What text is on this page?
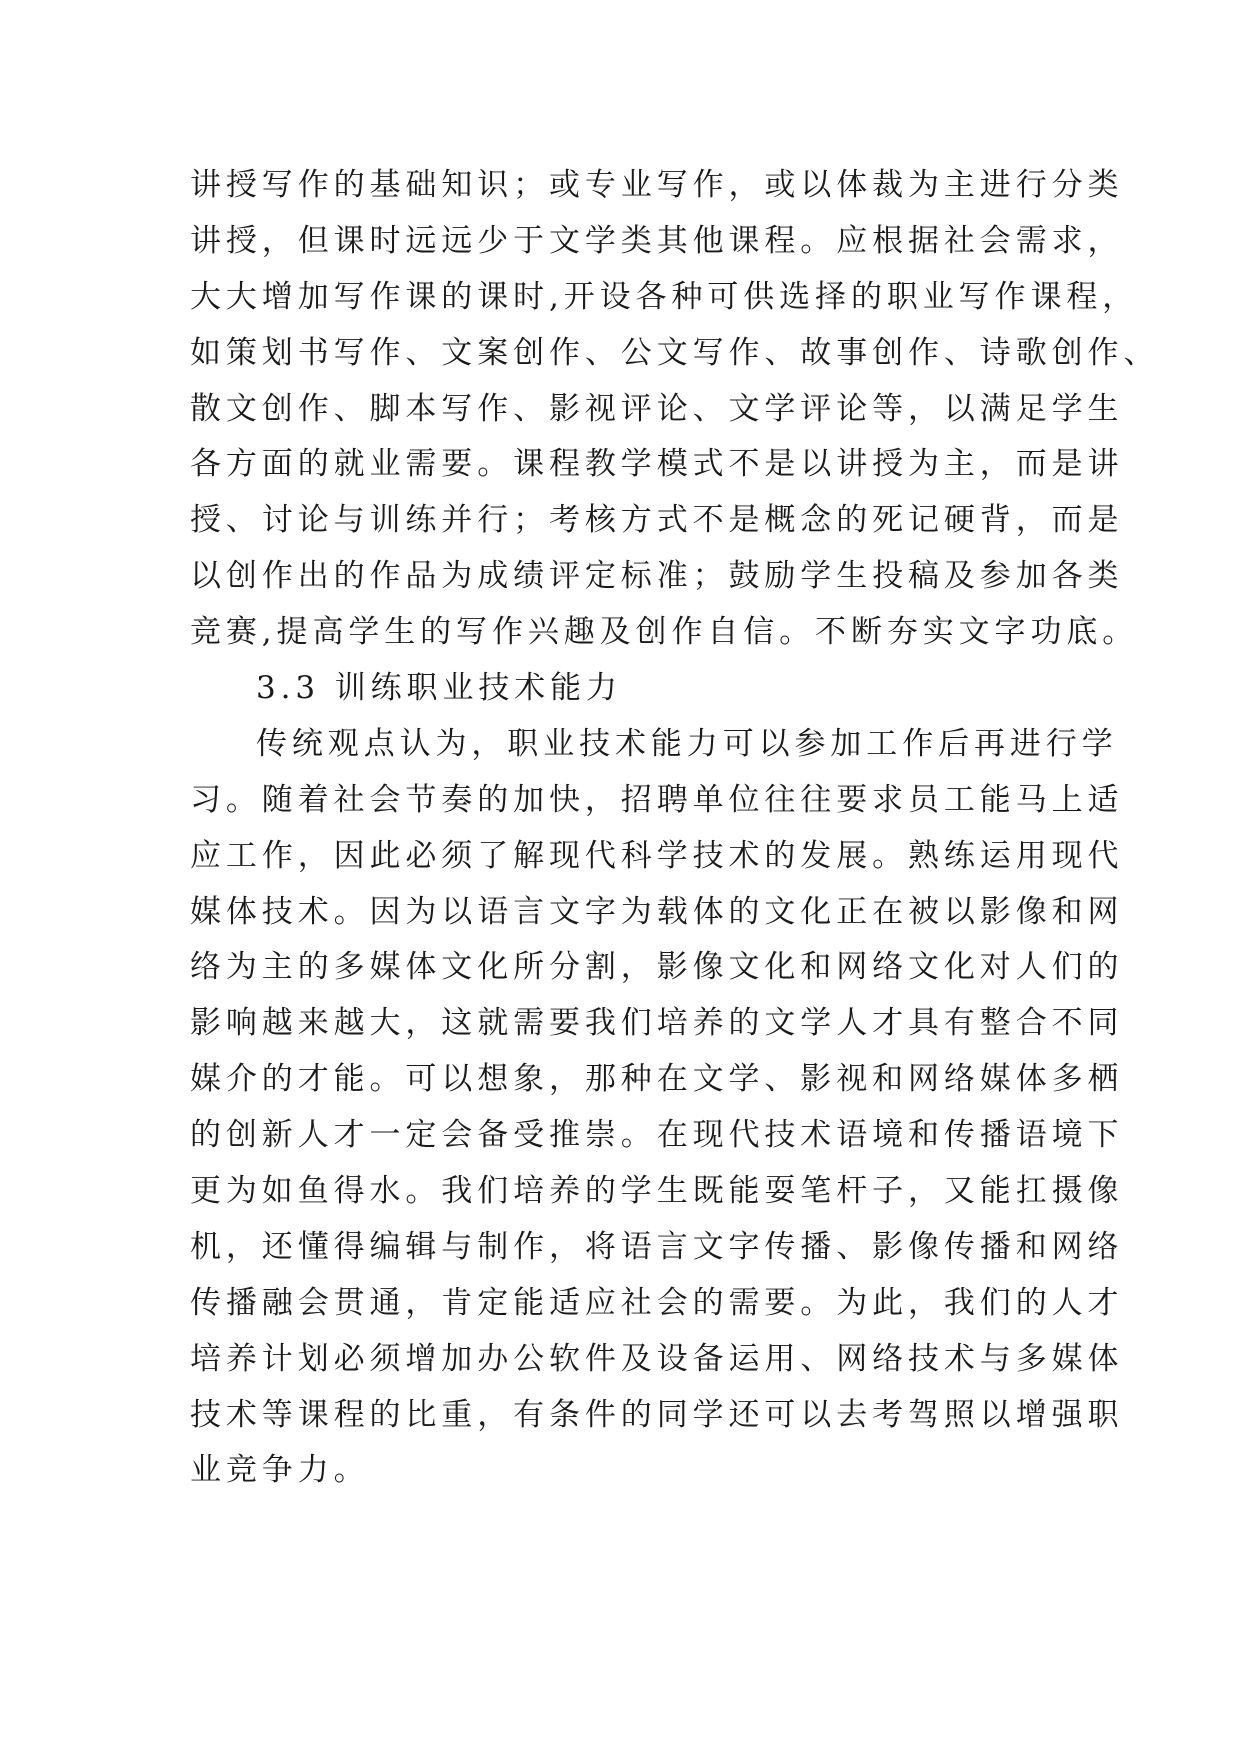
讲授写作的基础知识；或专业写作，或以体裁为主进行分类
讲授，但课时远远少于文学类其他课程。应根据社会需求，
大大增加写作课的课时,开设各种可供选择的职业写作课程，
如策划书写作、文案创作、公文写作、故事创作、诗歌创作、
散文创作、脚本写作、影视评论、文学评论等，以满足学生
各方面的就业需要。课程教学模式不是以讲授为主，而是讲
授、讨论与训练并行；考核方式不是概念的死记硬背，而是
以创作出的作品为成绩评定标准；鼓励学生投稿及参加各类
竞赛,提高学生的写作兴趣及创作自信。不断夯实文字功底。
3.3 训练职业技术能力
传统观点认为，职业技术能力可以参加工作后再进行学
习。随着社会节奏的加快，招聘单位往往要求员工能马上适
应工作，因此必须了解现代科学技术的发展。熟练运用现代
媒体技术。因为以语言文字为载体的文化正在被以影像和网
络为主的多媒体文化所分割，影像文化和网络文化对人们的
影响越来越大，这就需要我们培养的文学人才具有整合不同
媒介的才能。可以想象，那种在文学、影视和网络媒体多栖
的创新人才一定会备受推崇。在现代技术语境和传播语境下
更为如鱼得水。我们培养的学生既能耍笔杆子，又能扛摄像
机，还懂得编辑与制作，将语言文字传播、影像传播和网络
传播融会贯通，肯定能适应社会的需要。为此，我们的人才
培养计划必须增加办公软件及设备运用、网络技术与多媒体
技术等课程的比重，有条件的同学还可以去考驾照以增强职
业竞争力。
